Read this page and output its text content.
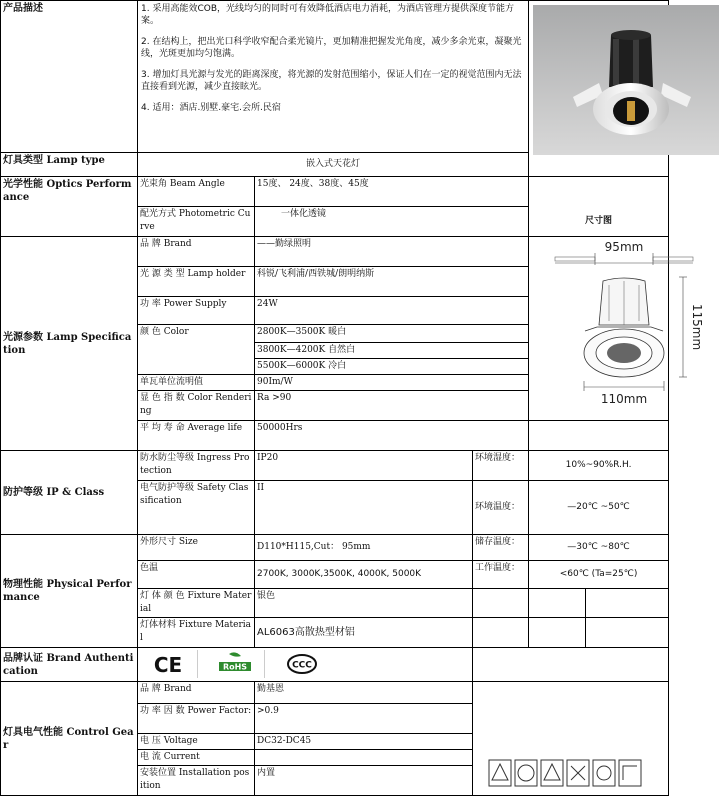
产品描述	1. 采用高能效COB，光线均匀的同时可有效降低酒店电力消耗，为酒店管理方提供深度节能方案。

2. 在结构上，把出光口科学收窄配合柔光镜片，更加精准把握发光角度，减少多余光束，凝聚光线，光斑更加均匀饱满。

3. 增加灯具光源与发光的距离深度，将光源的发射范围缩小，保证人们在一定的视觉范围内无法直接看到光源，减少直接眩光。

4. 适用：酒店.别墅.豪宅.会所.民宿

灯具类型 Lamp type	嵌入式天花灯				
光学性能 Optics Performance	光束角 Beam Angle	15度、 24度、38度、45度			
	配光方式 Photometric Curve	一体化透镜		尺寸图	
光源参数 Lamp Specification	品 牌 Brand	——勤绿照明		95mm
115mm
110mm	

	光 源 类 型 Lamp holder	科锐/飞利浦/西铁城/朗明纳斯			
	功 率 Power Supply	24W			
	颜 色 Color	2800K—3500K 暖白			
		3800K—4200K 自然白			
		5500K—6000K 冷白			
	单瓦单位流明值	90Im/W			
	显 色 指 数 Color Rendering	Ra >90			
	平 均 寿 命 Average life	50000Hrs			
防护等级 IP & Class	防水防尘等级 Ingress Protection	IP20	环境湿度：	10%~90%R.H.	
	电气防护等级 Safety Classification	II	环境温度：	—20℃ ~50℃	
物理性能 Physical Performance	外形尺寸 Size	D110*H115,Cut： 95mm	储存温度：	—30℃ ~80℃	
	色温	2700K, 3000K,3500K, 4000K, 5000K	工作温度：	<60℃ (Ta=25℃)	
	灯 体 颜 色 Fixture Material	银色			
	灯体材料 Fixture Material	AL6063高散热型材铝			
品牌认证 Brand Authentication	CE
RoHS
CCC				

灯具电气性能 Control Gear	品 牌 Brand	勤基恩	
	功 率 因 数 Power Factor:	>0.9			
	电 压 Voltage	DC32-DC45			
	电 流 Current				
	安装位置 Installation position	内置			
